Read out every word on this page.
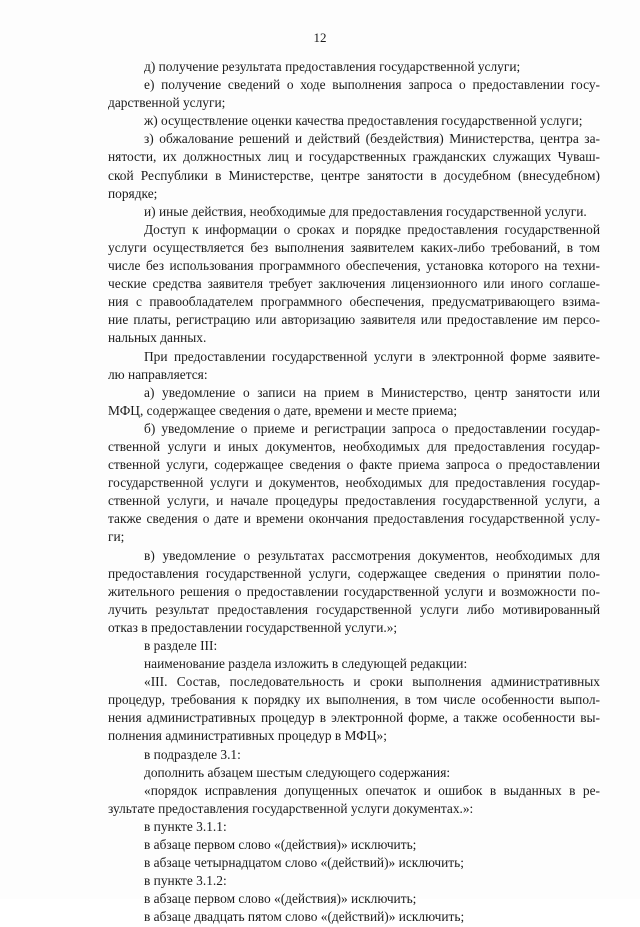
12

д) получение результата предоставления государственной услуги;

е) получение сведений о ходе выполнения запроса о предоставлении госу-
дарственной услуги;

ж) осуществление оценки качества предоставления государственной услуги;

з) обжалование решений и действий (бездействия) Министерства, центра за-
нятости, их должностных лиц и государственных гражданских служащих Чуваш-
ской Республики в Министерстве, центре занятости в досудебном (внесудебном)
порядке;

и) иные действия, необходимые для предоставления государственной услуги.

Доступ к информации о сроках и порядке предоставления государственной
услуги осуществляется без выполнения заявителем каких-либо требований, в том
числе без использования программного обеспечения, установка которого на техни-
ческие средства заявителя требует заключения лицензионного или иного соглаше-
ния с правообладателем программного обеспечения, предусматривающего взима-
ние платы, регистрацию или авторизацию заявителя или предоставление им персо-
нальных данных.

При предоставлении государственной услуги в электронной форме заявите-
лю направляется:

а) уведомление о записи на прием в Министерство, центр занятости или
МФЦ, содержащее сведения о дате, времени и месте приема;

б) уведомление о приеме и регистрации запроса о предоставлении государ-
ственной услуги и иных документов, необходимых для предоставления государ-
ственной услуги, содержащее сведения о факте приема запроса о предоставлении
государственной услуги и документов, необходимых для предоставления государ-
ственной услуги, и начале процедуры предоставления государственной услуги, а
также сведения о дате и времени окончания предоставления государственной услу-
ги;

в) уведомление о результатах рассмотрения документов, необходимых для
предоставления государственной услуги, содержащее сведения о принятии поло-
жительного решения о предоставлении государственной услуги и возможности по-
лучить результат предоставления государственной услуги либо мотивированный
отказ в предоставлении государственной услуги.»;

в разделе III:

наименование раздела изложить в следующей редакции:

«III. Состав, последовательность и сроки выполнения административных
процедур, требования к порядку их выполнения, в том числе особенности выпол-
нения административных процедур в электронной форме, а также особенности вы-
полнения административных процедур в МФЦ»;

в подразделе 3.1:

дополнить абзацем шестым следующего содержания:

«порядок исправления допущенных опечаток и ошибок в выданных в ре-
зультате предоставления государственной услуги документах.»:

в пункте 3.1.1:

в абзаце первом слово «(действия)» исключить;

в абзаце четырнадцатом слово «(действий)» исключить;

в пункте 3.1.2:

в абзаце первом слово «(действия)» исключить;

в абзаце двадцать пятом слово «(действий)» исключить;
